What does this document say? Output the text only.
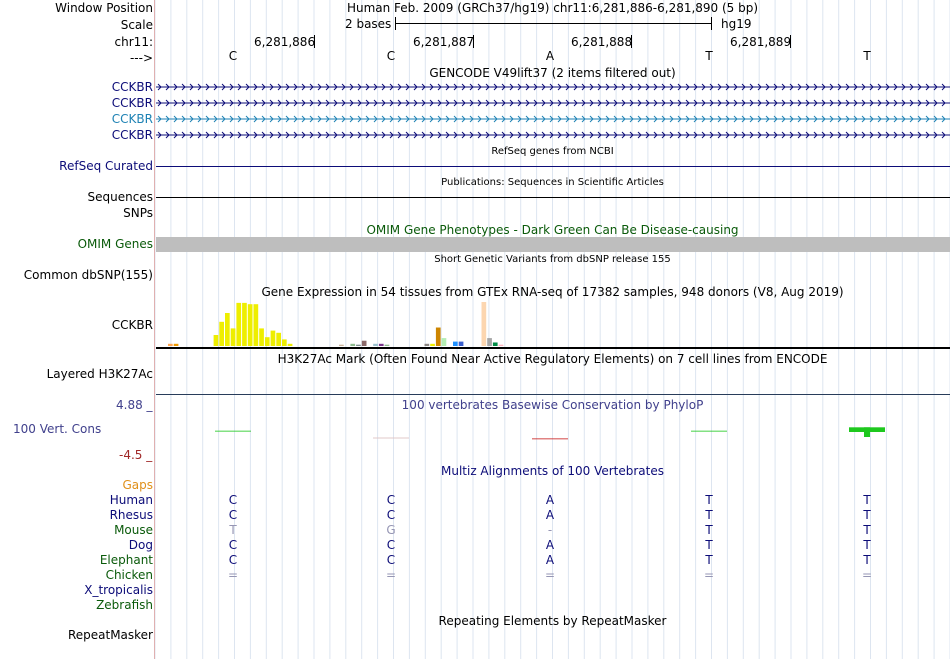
Window Position	Human Feb. 2009 (GRCh37/hg19) chr11:6,281,886-6,281,890 (5 bp)
Scale	2 bases	hg19
chr11:	6,281,886	6,281,887	6,281,888	6,281,889
--->	C	C	A	T	T
GENCODE V49lift37 (2 items filtered out)
CCKBR
CCKBR
CCKBR
CCKBR
RefSeq genes from NCBI
RefSeq Curated
Publications: Sequences in Scientific Articles
Sequences
SNPs
OMIM Gene Phenotypes - Dark Green Can Be Disease-causing
OMIM Genes
Short Genetic Variants from dbSNP release 155
Common dbSNP(155)
Gene Expression in 54 tissues from GTEx RNA-seq of 17382 samples, 948 donors (V8, Aug 2019)
CCKBR
H3K27Ac Mark (Often Found Near Active Regulatory Elements) on 7 cell lines from ENCODE
Layered H3K27Ac
4.88 _	100 vertebrates Basewise Conservation by PhyloP
100 Vert. Cons
-4.5 _
Multiz Alignments of 100 Vertebrates
Gaps
Human	C	C	A	T	T
Rhesus	C	C	A	T	T
Mouse	T	G	-	T	T
Dog	C	C	A	T	T
Elephant	C	C	A	T	T
Chicken	=	=	=	=	=
X_tropicalis
Zebrafish
Repeating Elements by RepeatMasker
RepeatMasker
